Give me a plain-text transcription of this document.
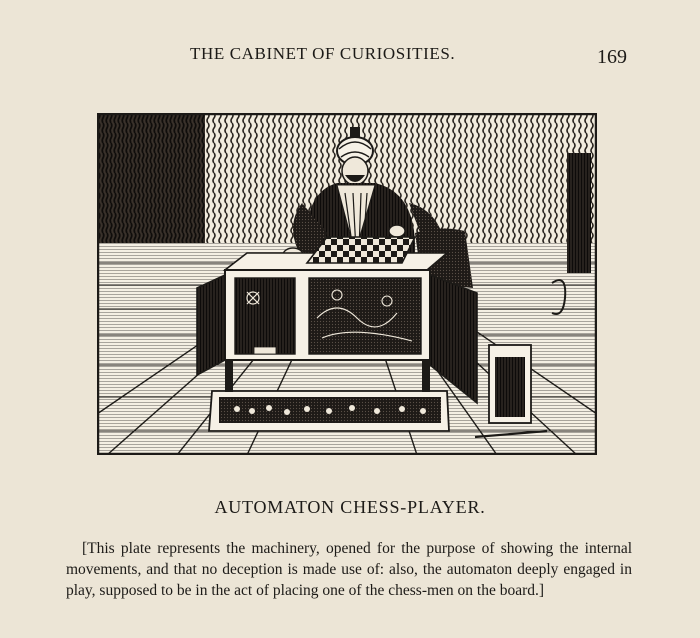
THE CABINET OF CURIOSITIES.	169
AUTOMATON CHESS-PLAYER.

[This plate represents the machinery, opened for the purpose of showing the internal movements, and that no deception is made use of: also, the automaton deeply engaged in play, supposed to be in the act of placing one of the chess-men on the board.]
